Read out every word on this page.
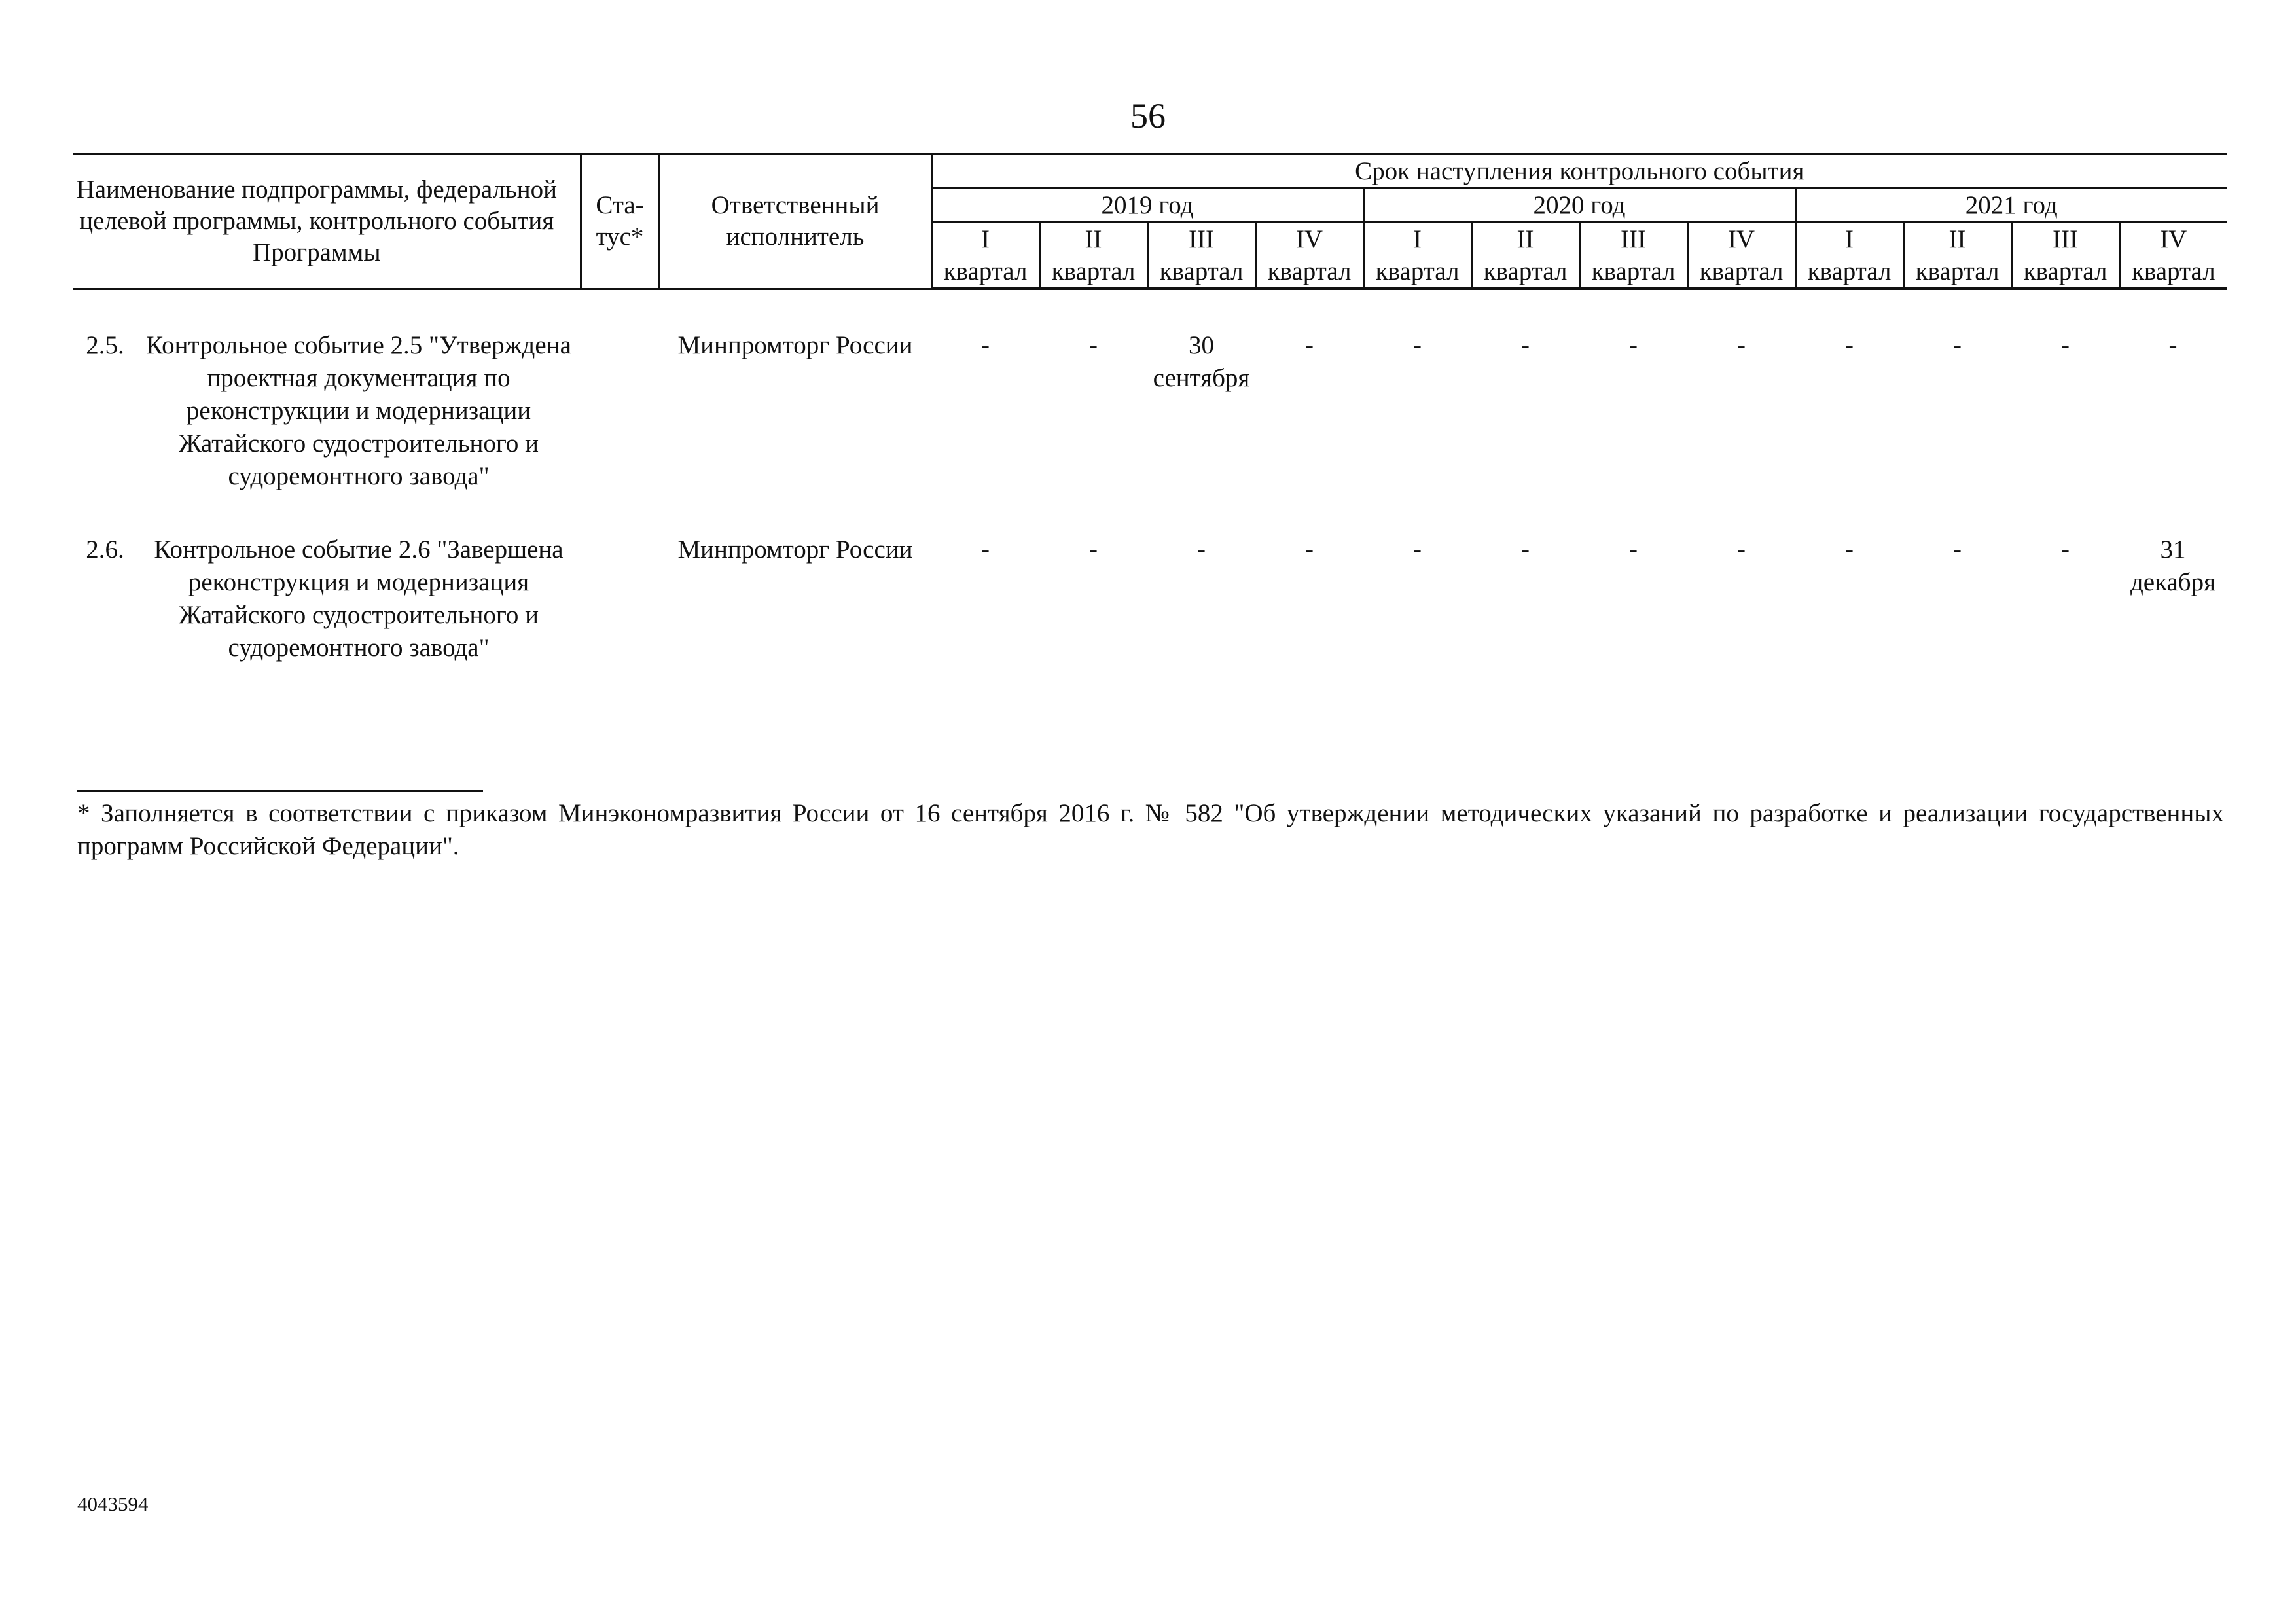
56
Наименование подпрограммы, федеральной целевой программы, контрольного события Программы		Ста-тус*	Ответственный исполнитель	Срок наступления контрольного события											
				2019 год				2020 год				2021 год			
				I	II	III	IV	I	II	III	IV	I	II	III	IV
				квартал	квартал	квартал	квартал	квартал	квартал	квартал	квартал	квартал	квартал	квартал	квартал

2.5.	Контрольное событие 2.5 "Утверждена проектная документация по реконструкции и модернизации Жатайского судостроительного и судоремонтного завода"		Минпромторг России	-	-	30 сентября	-	-	-	-	-	-	-	-	-
2.6.	Контрольное событие 2.6 "Завершена реконструкция и модернизация Жатайского судостроительного и судоремонтного завода"		Минпромторг России	-	-	-	-	-	-	-	-	-	-	-	31 декабря
* Заполняется в соответствии с приказом Минэкономразвития России от 16 сентября 2016 г. № 582 "Об утверждении методических указаний по разработке и реализации государственных программ Российской Федерации".
4043594
